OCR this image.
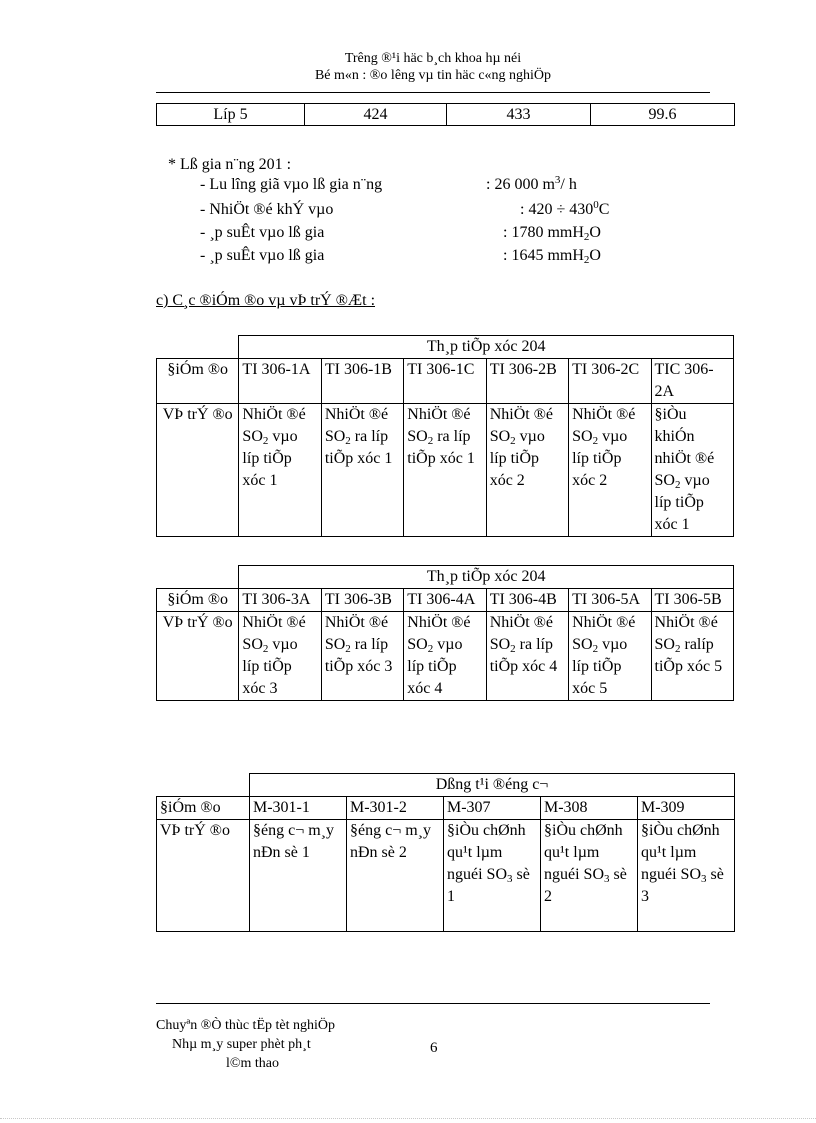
Trêng ®¹i häc b¸ch khoa hµ néi
Bé m«n : ®o lêng vµ tin häc c«ng nghiÖp
Líp 5	424	433	99.6
* Lß gia n¨ng 201 :
- Lu lîng giã vµo lß gia n¨ng	: 26 000 $m^3/$ h
- NhiÖt ®é khÝ vµo	: $420 \div 430^0C$
- ¸p suÊt vµo lß gia	: 1780 mmH$_2$O
- ¸p suÊt vµo lß gia	: 1645 mmH$_2$O
c) C¸c ®iÓm ®o vµ vÞ trÝ ®Æt :
	Th¸p tiÕp xóc 204					
§iÓm ®o	TI 306-1A	TI 306-1B	TI 306-1C	TI 306-2B	TI 306-2C	TIC 306-2A
VÞ trÝ ®o	NhiÖt ®é $SO_2$ vµo líp tiÕp xóc 1	NhiÖt ®é $SO_2$ ra líp tiÕp xóc 1	NhiÖt ®é $SO_2$ ra líp tiÕp xóc 1	NhiÖt ®é $SO_2$ vµo líp tiÕp xóc 2	NhiÖt ®é $SO_2$ vµo líp tiÕp xóc 2	§iÒu khiÓn nhiÖt ®é $SO_2$ vµo líp tiÕp xóc 1
	Th¸p tiÕp xóc 204					
§iÓm ®o	TI 306-3A	TI 306-3B	TI 306-4A	TI 306-4B	TI 306-5A	TI 306-5B
VÞ trÝ ®o	NhiÖt ®é $SO_2$ vµo líp tiÕp xóc 3	NhiÖt ®é $SO_2$ ra líp tiÕp xóc 3	NhiÖt ®é $SO_2$ vµo líp tiÕp xóc 4	NhiÖt ®é $SO_2$ ra líp tiÕp xóc 4	NhiÖt ®é $SO_2$ vµo líp tiÕp xóc 5	NhiÖt ®é $SO_2$ ralíp tiÕp xóc 5
	Dßng t¹i ®éng c¬				
§iÓm ®o	M-301-1	M-301-2	M-307	M-308	M-309
VÞ trÝ ®o	§éng c¬ m¸y nÐn sè 1	§éng c¬ m¸y nÐn sè 2	§iÒu chØnh qu¹t lµm nguéi $SO_3$ sè 1	§iÒu chØnh qu¹t lµm nguéi $SO_3$ sè 2	§iÒu chØnh qu¹t lµm nguéi $SO_3$ sè 3
Chuyªn ®Ò thùc tËp tèt nghiÖp
Nhµ m¸y super phèt ph¸t
l©m thao
6
